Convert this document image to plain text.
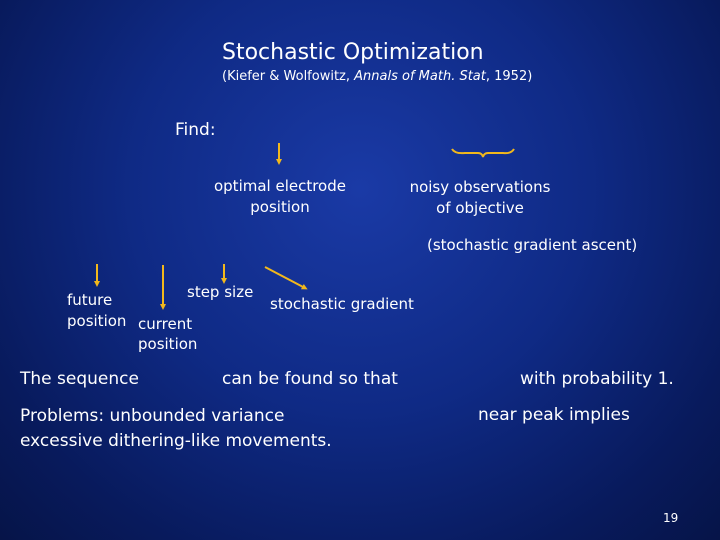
Stochastic Optimization
(Kiefer & Wolfowitz, Annals of Math. Stat, 1952)
Find:
optimal electrode
position
noisy observations
of objective
(stochastic gradient ascent)
future
position current
position
step size
stochastic gradient
The sequence	can be found so that	with probability 1.
Problems: unbounded variance
excessive dithering-like movements.
near peak implies
19
